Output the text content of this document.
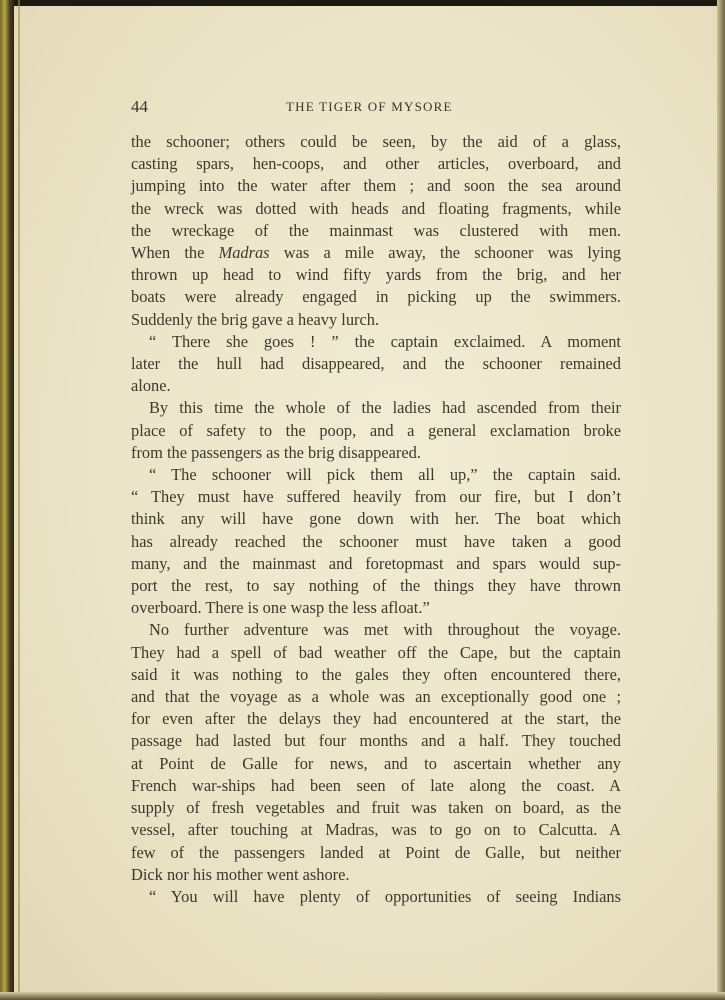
44	THE TIGER OF MYSORE
the schooner; others could be seen, by the aid of a glass,
casting spars, hen-coops, and other articles, overboard, and
jumping into the water after them ; and soon the sea around
the wreck was dotted with heads and floating fragments, while
the wreckage of the mainmast was clustered with men.
When the Madras was a mile away, the schooner was lying
thrown up head to wind fifty yards from the brig, and her
boats were already engaged in picking up the swimmers.
Suddenly the brig gave a heavy lurch.
“ There she goes ! ” the captain exclaimed. A moment
later the hull had disappeared, and the schooner remained
alone.
By this time the whole of the ladies had ascended from their
place of safety to the poop, and a general exclamation broke
from the passengers as the brig disappeared.
“ The schooner will pick them all up,” the captain said.
“ They must have suffered heavily from our fire, but I don’t
think any will have gone down with her. The boat which
has already reached the schooner must have taken a good
many, and the mainmast and foretopmast and spars would sup-
port the rest, to say nothing of the things they have thrown
overboard. There is one wasp the less afloat.”
No further adventure was met with throughout the voyage.
They had a spell of bad weather off the Cape, but the captain
said it was nothing to the gales they often encountered there,
and that the voyage as a whole was an exceptionally good one ;
for even after the delays they had encountered at the start, the
passage had lasted but four months and a half. They touched
at Point de Galle for news, and to ascertain whether any
French war-ships had been seen of late along the coast. A
supply of fresh vegetables and fruit was taken on board, as the
vessel, after touching at Madras, was to go on to Calcutta. A
few of the passengers landed at Point de Galle, but neither
Dick nor his mother went ashore.
“ You will have plenty of opportunities of seeing Indians
